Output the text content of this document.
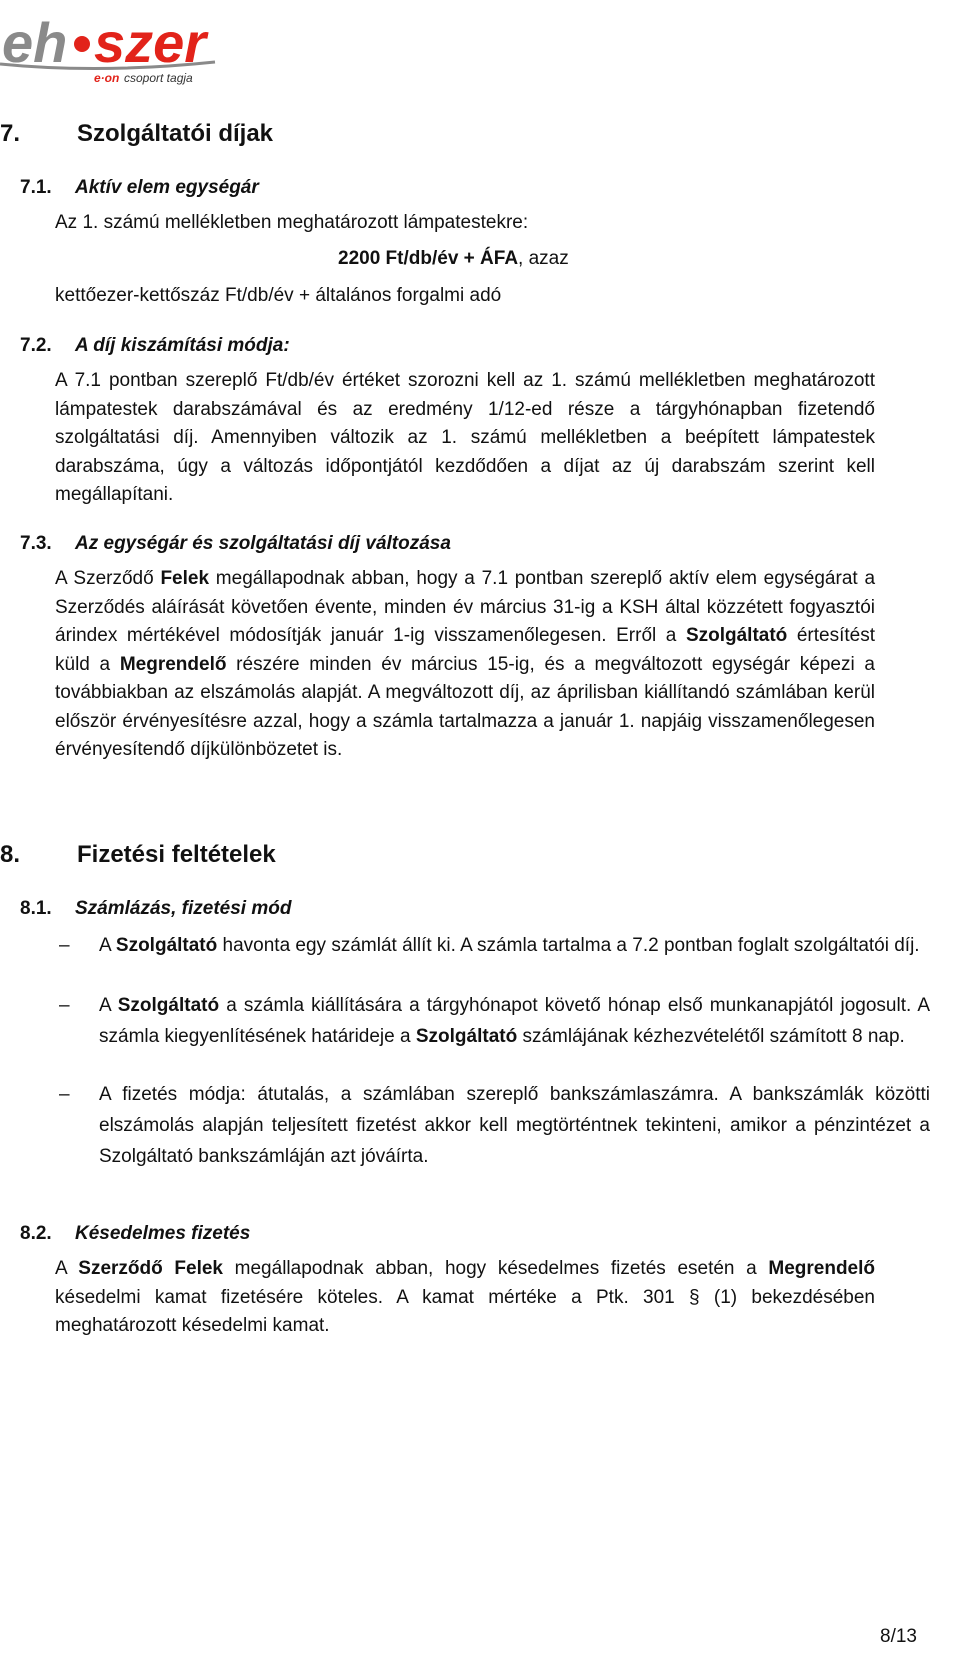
eh szer
e·on csoport tagja
7. Szolgáltatói díjak
7.1. Aktív elem egységár
Az 1. számú mellékletben meghatározott lámpatestekre:
2200 Ft/db/év + ÁFA, azaz
kettőezer-kettőszáz Ft/db/év + általános forgalmi adó
7.2. A díj kiszámítási módja:
A 7.1 pontban szereplő Ft/db/év értéket szorozni kell az 1. számú mellékletben meghatározott lámpatestek darabszámával és az eredmény 1/12-ed része a tárgyhónapban fizetendő szolgáltatási díj. Amennyiben változik az 1. számú mellékletben a beépített lámpatestek darabszáma, úgy a változás időpontjától kezdődően a díjat az új darabszám szerint kell megállapítani.
7.3. Az egységár és szolgáltatási díj változása
A Szerződő Felek megállapodnak abban, hogy a 7.1 pontban szereplő aktív elem egységárat a Szerződés aláírását követően évente, minden év március 31-ig a KSH által közzétett fogyasztói árindex mértékével módosítják január 1-ig visszamenőlegesen. Erről a Szolgáltató értesítést küld a Megrendelő részére minden év március 15-ig, és a megváltozott egységár képezi a továbbiakban az elszámolás alapját. A megváltozott díj, az áprilisban kiállítandó számlában kerül először érvényesítésre azzal, hogy a számla tartalmazza a január 1. napjáig visszamenőlegesen érvényesítendő díjkülönbözetet is.
8. Fizetési feltételek
8.1. Számlázás, fizetési mód
– A Szolgáltató havonta egy számlát állít ki. A számla tartalma a 7.2 pontban foglalt szolgáltatói díj.
– A Szolgáltató a számla kiállítására a tárgyhónapot követő hónap első munkanapjától jogosult. A számla kiegyenlítésének határideje a Szolgáltató számlájának kézhezvételétől számított 8 nap.
– A fizetés módja: átutalás, a számlában szereplő bankszámlaszámra. A bankszámlák közötti elszámolás alapján teljesített fizetést akkor kell megtörténtnek tekinteni, amikor a pénzintézet a Szolgáltató bankszámláján azt jóváírta.
8.2. Késedelmes fizetés
A Szerződő Felek megállapodnak abban, hogy késedelmes fizetés esetén a Megrendelő késedelmi kamat fizetésére köteles. A kamat mértéke a Ptk. 301 § (1) bekezdésében meghatározott késedelmi kamat.
8/13
